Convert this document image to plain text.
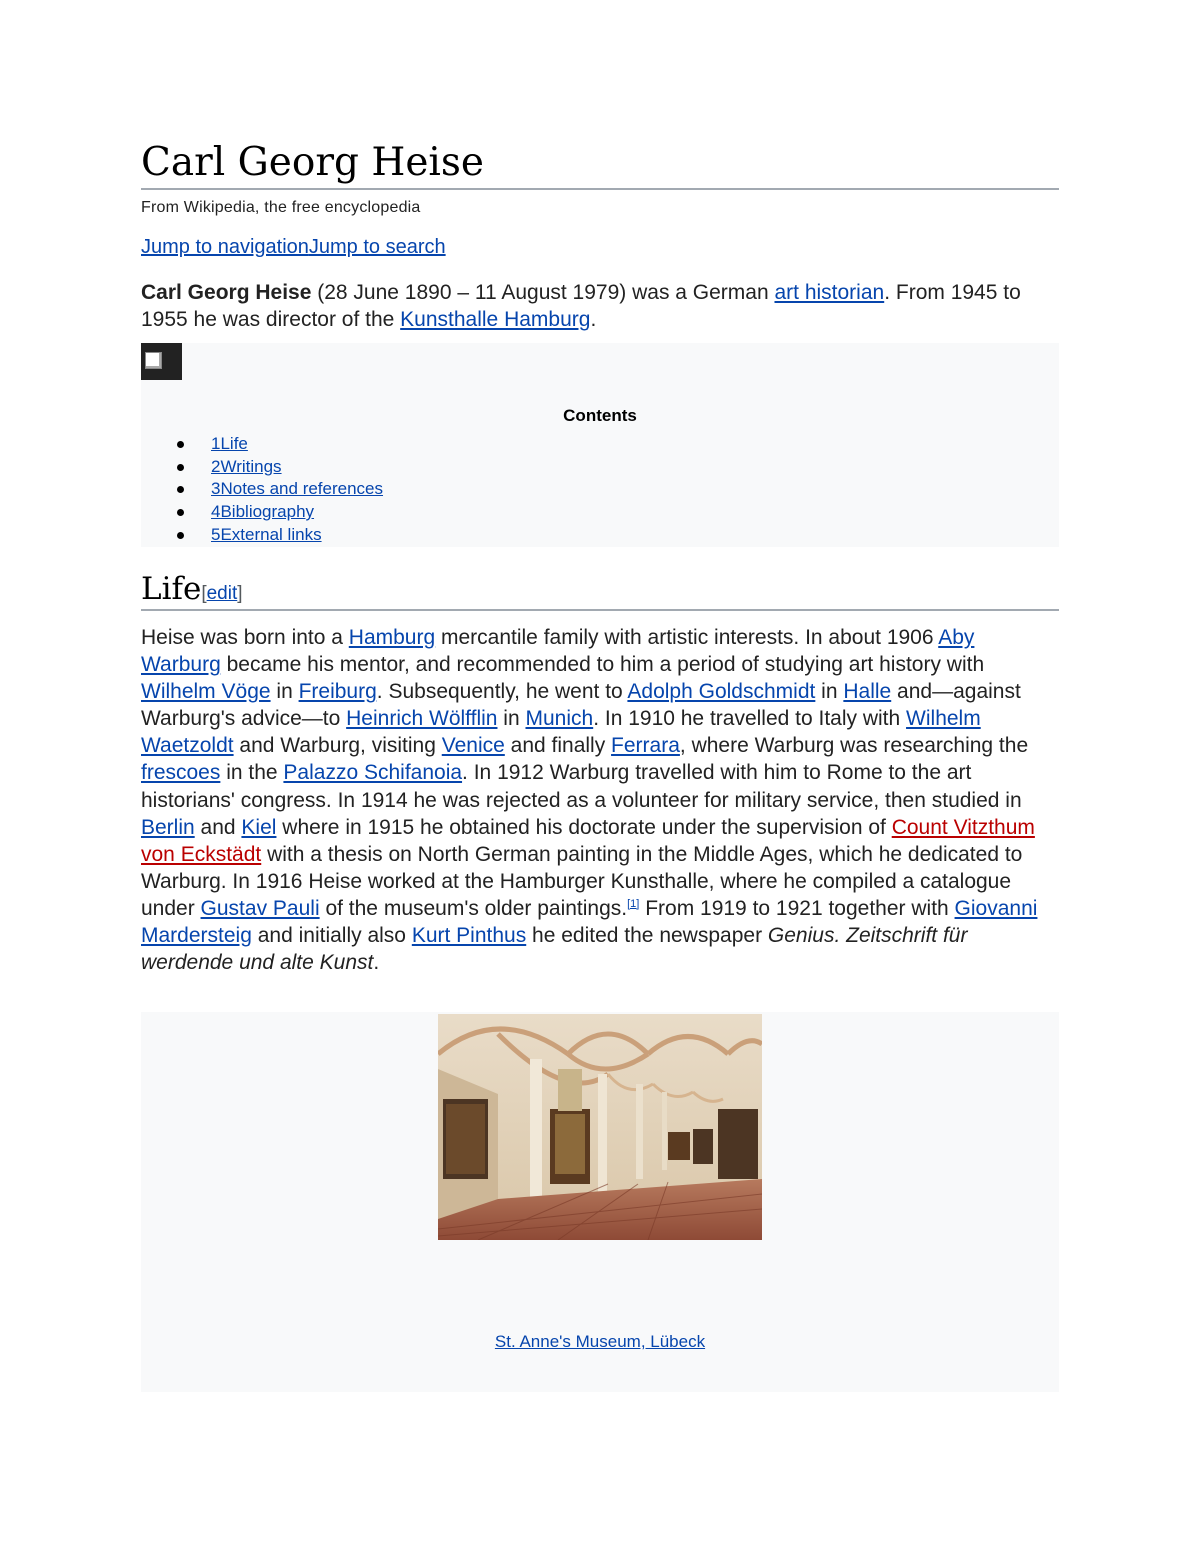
Carl Georg Heise
From Wikipedia, the free encyclopedia
Jump to navigationJump to search

Carl Georg Heise (28 June 1890 – 11 August 1979) was a German art historian. From 1945 to 1955 he was director of the Kunsthalle Hamburg.

Contents
1Life
2Writings
3Notes and references
4Bibliography
5External links
Life[edit]

Heise was born into a Hamburg mercantile family with artistic interests. In about 1906 Aby Warburg became his mentor, and recommended to him a period of studying art history with Wilhelm Vöge in Freiburg. Subsequently, he went to Adolph Goldschmidt in Halle and—against Warburg's advice—to Heinrich Wölfflin in Munich. In 1910 he travelled to Italy with Wilhelm Waetzoldt and Warburg, visiting Venice and finally Ferrara, where Warburg was researching the frescoes in the Palazzo Schifanoia. In 1912 Warburg travelled with him to Rome to the art historians' congress. In 1914 he was rejected as a volunteer for military service, then studied in Berlin and Kiel where in 1915 he obtained his doctorate under the supervision of Count Vitzthum von Eckstädt with a thesis on North German painting in the Middle Ages, which he dedicated to Warburg. In 1916 Heise worked at the Hamburger Kunsthalle, where he compiled a catalogue under Gustav Pauli of the museum's older paintings.[1] From 1919 to 1921 together with Giovanni Mardersteig and initially also Kurt Pinthus he edited the newspaper Genius. Zeitschrift für werdende und alte Kunst.

St. Anne's Museum, Lübeck
